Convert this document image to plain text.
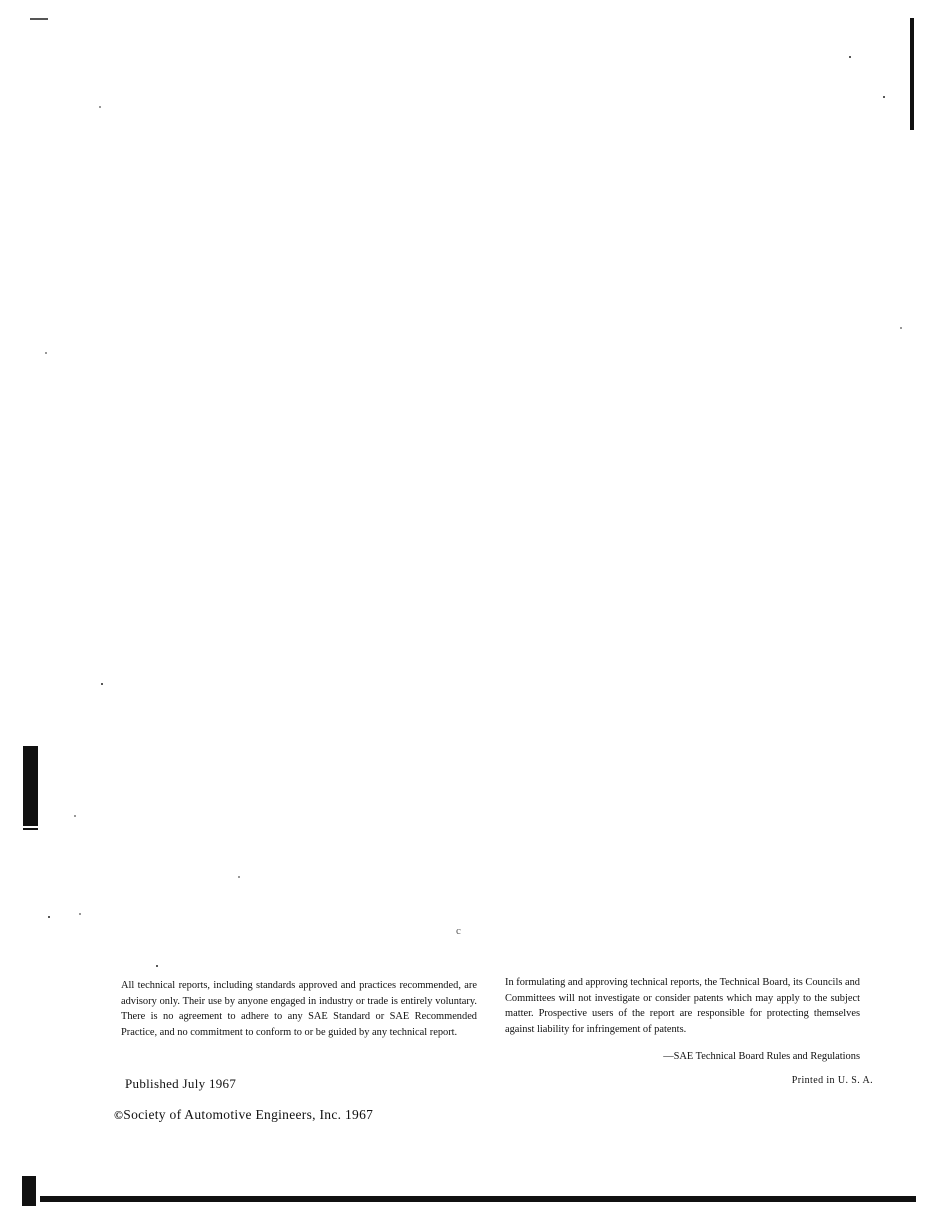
c
All technical reports, including standards approved and practices recommended, are advisory only. Their use by anyone engaged in industry or trade is entirely voluntary. There is no agreement to adhere to any SAE Standard or SAE Recommended Practice, and no commitment to conform to or be guided by any technical report.
In formulating and approving technical reports, the Technical Board, its Councils and Committees will not investigate or consider patents which may apply to the subject matter. Prospective users of the report are responsible for protecting themselves against liability for infringement of patents.
—SAE Technical Board Rules and Regulations
Printed in U. S. A.
Published July 1967
©Society of Automotive Engineers, Inc. 1967
